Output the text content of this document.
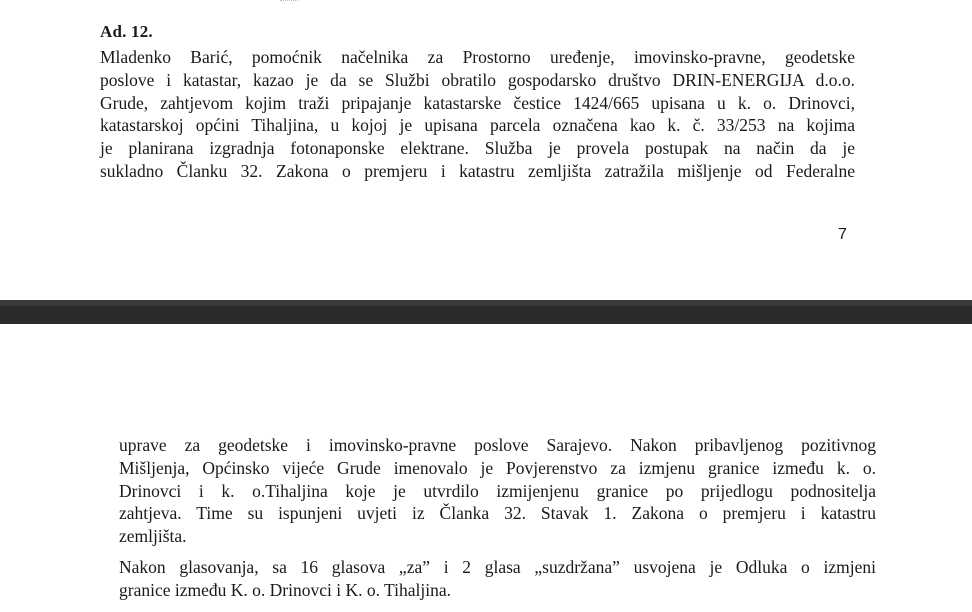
Ad. 12.

Mladenko Barić, pomoćnik načelnika za Prostorno uređenje, imovinsko-pravne, geodetske
poslove i katastar, kazao je da se Službi obratilo gospodarsko društvo DRIN-ENERGIJA d.o.o.
Grude, zahtjevom kojim traži pripajanje katastarske čestice 1424/665 upisana u k. o. Drinovci,
katastarskoj općini Tihaljina, u kojoj je upisana parcela označena kao k. č. 33/253 na kojima
je planirana izgradnja fotonaponske elektrane. Služba je provela postupak na način da je
sukladno Članku 32. Zakona o premjeru i katastru zemljišta zatražila mišljenje od Federalne

7

uprave za geodetske i imovinsko-pravne poslove Sarajevo. Nakon pribavljenog pozitivnog
Mišljenja, Općinsko vijeće Grude imenovalo je Povjerenstvo za izmjenu granice između k. o.
Drinovci i k. o.Tihaljina koje je utvrdilo izmijenjenu granice po prijedlogu podnositelja
zahtjeva. Time su ispunjeni uvjeti iz Članka 32. Stavak 1. Zakona o premjeru i katastru
zemljišta.

Nakon glasovanja, sa 16 glasova „za” i 2 glasa „suzdržana” usvojena je Odluka o izmjeni
granice između K. o. Drinovci i K. o. Tihaljina.
